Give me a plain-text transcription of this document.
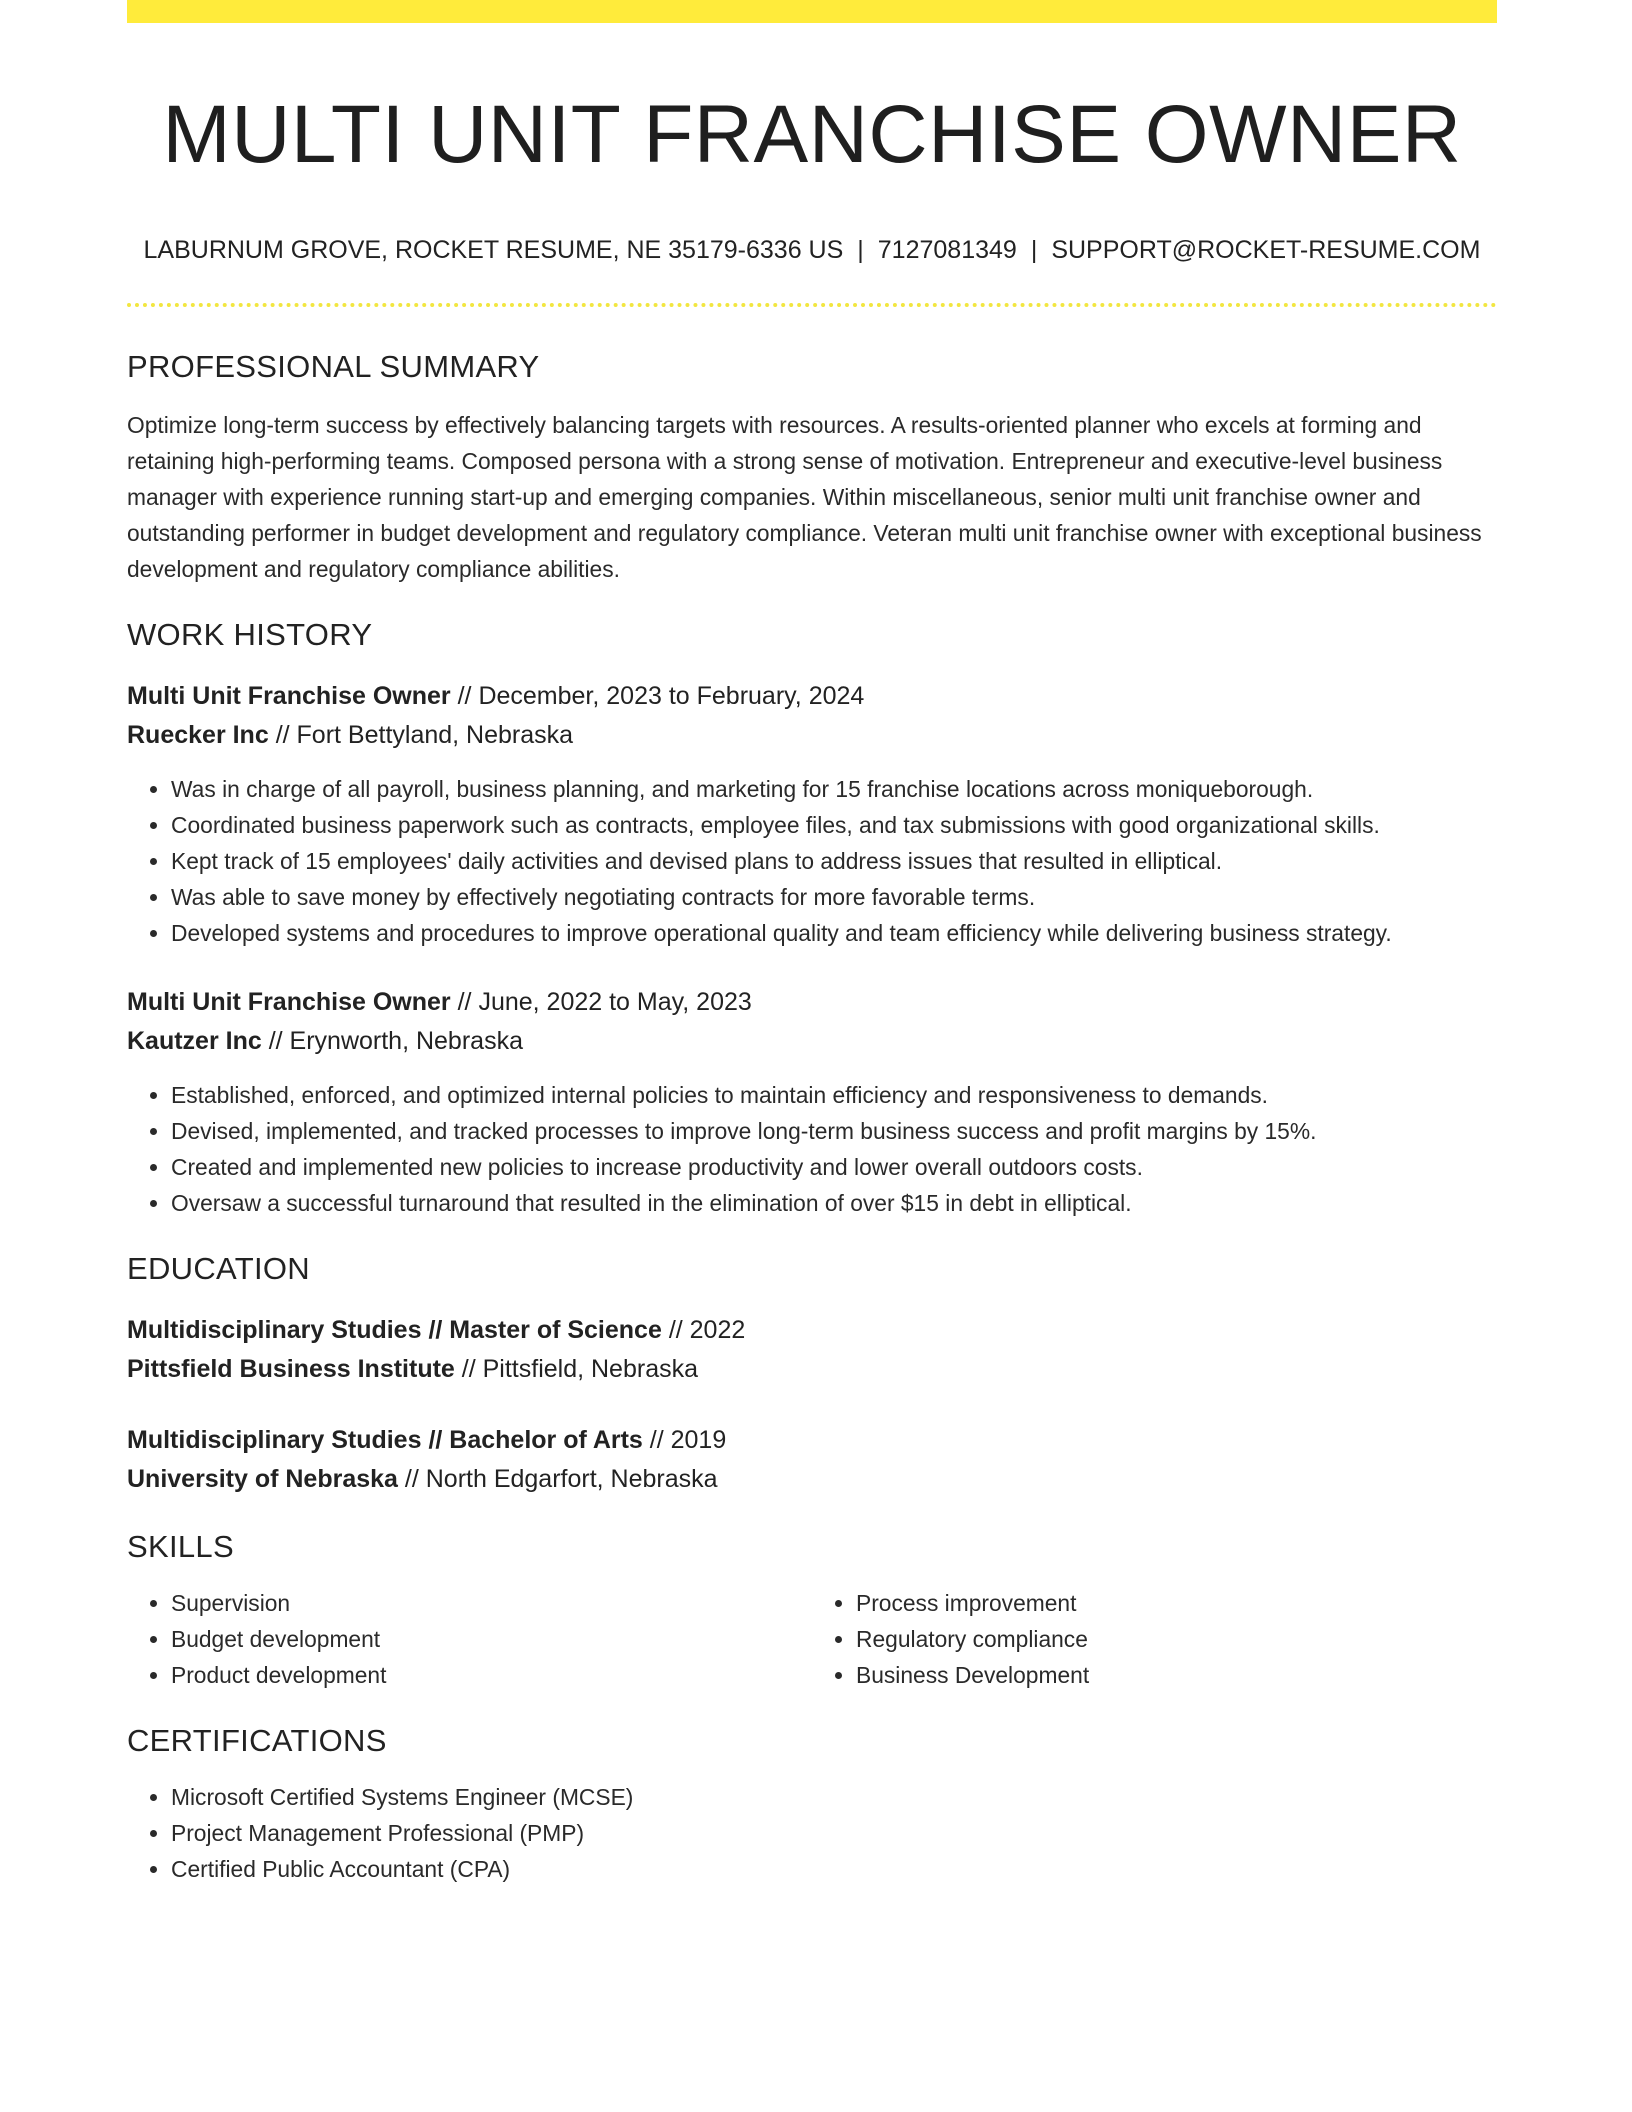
MULTI UNIT FRANCHISE OWNER
LABURNUM GROVE, ROCKET RESUME, NE 35179-6336 US | 7127081349 | SUPPORT@ROCKET-RESUME.COM
PROFESSIONAL SUMMARY

Optimize long-term success by effectively balancing targets with resources. A results-oriented planner who excels at forming and retaining high-performing teams. Composed persona with a strong sense of motivation. Entrepreneur and executive-level business manager with experience running start-up and emerging companies. Within miscellaneous, senior multi unit franchise owner and outstanding performer in budget development and regulatory compliance. Veteran multi unit franchise owner with exceptional business development and regulatory compliance abilities.

WORK HISTORY
Multi Unit Franchise Owner // December, 2023 to February, 2024
Ruecker Inc // Fort Bettyland, Nebraska
• Was in charge of all payroll, business planning, and marketing for 15 franchise locations across moniqueborough.
• Coordinated business paperwork such as contracts, employee files, and tax submissions with good organizational skills.
• Kept track of 15 employees' daily activities and devised plans to address issues that resulted in elliptical.
• Was able to save money by effectively negotiating contracts for more favorable terms.
• Developed systems and procedures to improve operational quality and team efficiency while delivering business strategy.
Multi Unit Franchise Owner // June, 2022 to May, 2023
Kautzer Inc // Erynworth, Nebraska
• Established, enforced, and optimized internal policies to maintain efficiency and responsiveness to demands.
• Devised, implemented, and tracked processes to improve long-term business success and profit margins by 15%.
• Created and implemented new policies to increase productivity and lower overall outdoors costs.
• Oversaw a successful turnaround that resulted in the elimination of over $15 in debt in elliptical.
EDUCATION
Multidisciplinary Studies // Master of Science // 2022
Pittsfield Business Institute // Pittsfield, Nebraska
Multidisciplinary Studies // Bachelor of Arts // 2019
University of Nebraska // North Edgarfort, Nebraska
SKILLS
• Supervision
• Budget development
• Product development
• Process improvement
• Regulatory compliance
• Business Development
CERTIFICATIONS
• Microsoft Certified Systems Engineer (MCSE)
• Project Management Professional (PMP)
• Certified Public Accountant (CPA)
